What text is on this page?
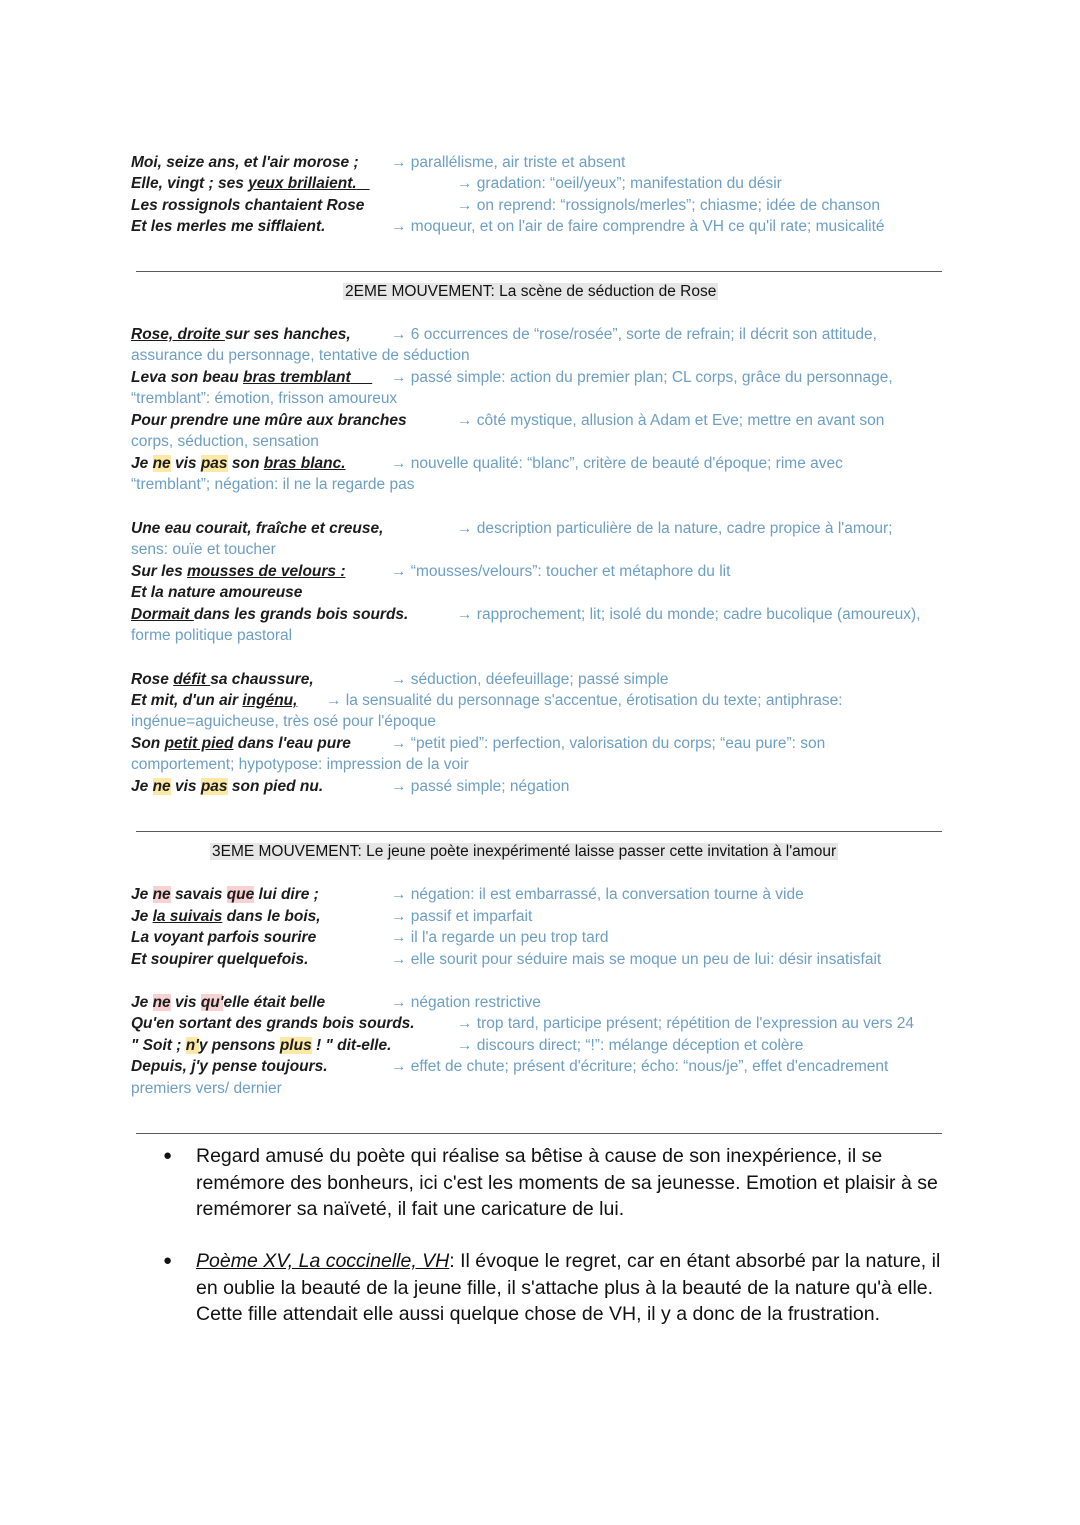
Moi, seize ans, et l'air morose ; → parallélisme, air triste et absent
Elle, vingt ; ses yeux brillaient.	→ gradation: “oeil/yeux”; manifestation du désir
Les rossignols chantaient Rose	→ on reprend: “rossignols/merles”; chiasme; idée de chanson
Et les merles me sifflaient.	→ moqueur, et on l'air de faire comprendre à VH ce qu'il rate; musicalité
2EME MOUVEMENT: La scène de séduction de Rose
Rose, droite sur ses hanches,	→ 6 occurrences de “rose/rosée”, sorte de refrain; il décrit son attitude,
assurance du personnage, tentative de séduction
Leva son beau bras tremblant	→ passé simple: action du premier plan; CL corps, grâce du personnage,
“tremblant”: émotion, frisson amoureux
Pour prendre une mûre aux branches	→ côté mystique, allusion à Adam et Eve; mettre en avant son
corps, séduction, sensation
Je ne vis pas son bras blanc.	→ nouvelle qualité: “blanc”, critère de beauté d'époque; rime avec
“tremblant”; négation: il ne la regarde pas
Une eau courait, fraîche et creuse,	→ description particulière de la nature, cadre propice à l'amour;
sens: ouïe et toucher
Sur les mousses de velours :	→ “mousses/velours”: toucher et métaphore du lit
Et la nature amoureuse
Dormait dans les grands bois sourds.	→ rapprochement; lit; isolé du monde; cadre bucolique (amoureux),
forme politique pastoral
Rose défit sa chaussure,	→ séduction, déefeuillage; passé simple
Et mit, d'un air ingénu, → la sensualité du personnage s'accentue, érotisation du texte; antiphrase:
ingénue=aguicheuse, très osé pour l'époque
Son petit pied dans l'eau pure	→ “petit pied”: perfection, valorisation du corps; “eau pure”: son
comportement; hypotypose: impression de la voir
Je ne vis pas son pied nu.	→ passé simple; négation
3EME MOUVEMENT: Le jeune poète inexpérimenté laisse passer cette invitation à l'amour
Je ne savais que lui dire ;	→ négation: il est embarrassé, la conversation tourne à vide
Je la suivais dans le bois,	→ passif et imparfait
La voyant parfois sourire	→ il l'a regarde un peu trop tard
Et soupirer quelquefois.	→ elle sourit pour séduire mais se moque un peu de lui: désir insatisfait
Je ne vis qu'elle était belle	→ négation restrictive
Qu'en sortant des grands bois sourds.	→ trop tard, participe présent; répétition de l'expression au vers 24
" Soit ; n'y pensons plus ! " dit-elle.	→ discours direct; “!”: mélange déception et colère
Depuis, j'y pense toujours.	→ effet de chute; présent d'écriture; écho: “nous/je”, effet d'encadrement
premiers vers/ dernier
● Regard amusé du poète qui réalise sa bêtise à cause de son inexpérience, il se remémore des bonheurs, ici c'est les moments de sa jeunesse. Emotion et plaisir à se remémorer sa naïveté, il fait une caricature de lui.
● Poème XV, La coccinelle, VH: Il évoque le regret, car en étant absorbé par la nature, il en oublie la beauté de la jeune fille, il s'attache plus à la beauté de la nature qu'à elle. Cette fille attendait elle aussi quelque chose de VH, il y a donc de la frustration.
